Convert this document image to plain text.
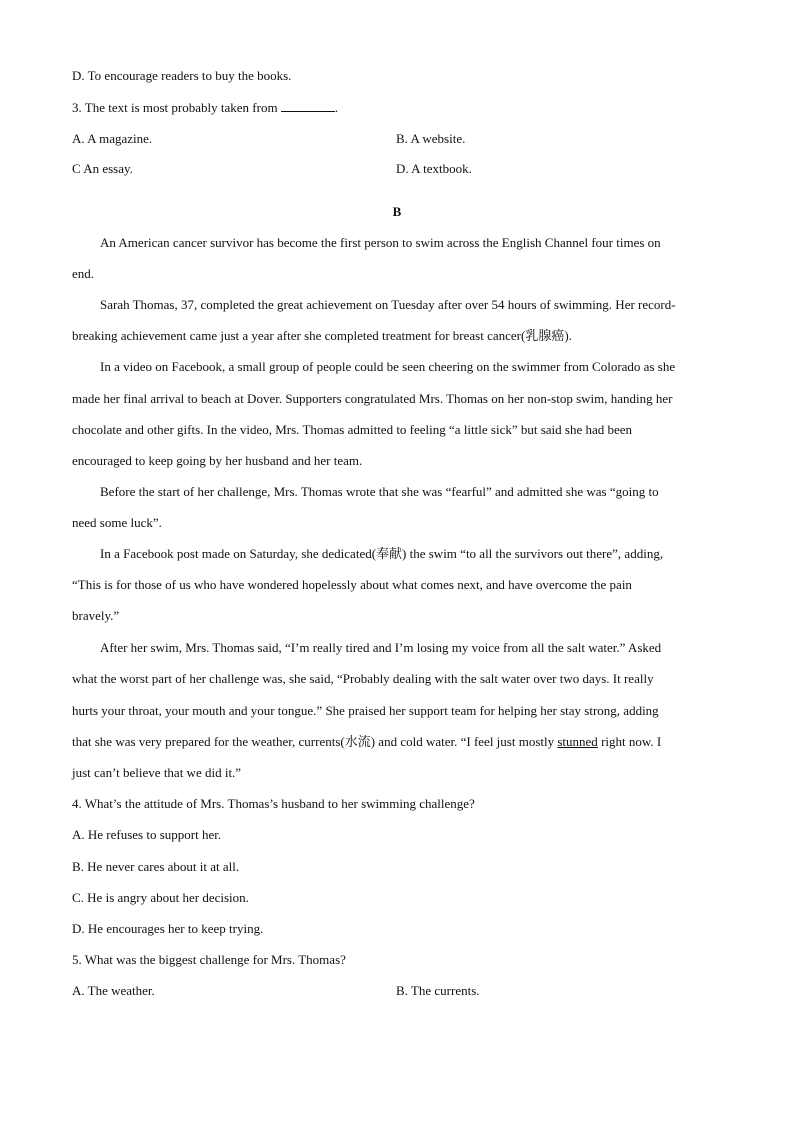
D. To encourage readers to buy the books.
3. The text is most probably taken from	.
A. A magazine.	B. A website.
C An essay.	D. A textbook.
B
An American cancer survivor has become the first person to swim across the English Channel four times on
end.
Sarah Thomas, 37, completed the great achievement on Tuesday after over 54 hours of swimming. Her record-
breaking achievement came just a year after she completed treatment for breast cancer(乳腺癌).
In a video on Facebook, a small group of people could be seen cheering on the swimmer from Colorado as she
made her final arrival to beach at Dover. Supporters congratulated Mrs. Thomas on her non-stop swim, handing her
chocolate and other gifts. In the video, Mrs. Thomas admitted to feeling “a little sick” but said she had been
encouraged to keep going by her husband and her team.
Before the start of her challenge, Mrs. Thomas wrote that she was “fearful” and admitted she was “going to
need some luck”.
In a Facebook post made on Saturday, she dedicated(奉献) the swim “to all the survivors out there”, adding,
“This is for those of us who have wondered hopelessly about what comes next, and have overcome the pain
bravely.”
After her swim, Mrs. Thomas said, “I’m really tired and I’m losing my voice from all the salt water.” Asked
what the worst part of her challenge was, she said, “Probably dealing with the salt water over two days. It really
hurts your throat, your mouth and your tongue.” She praised her support team for helping her stay strong, adding
that she was very prepared for the weather, currents(水流) and cold water. “I feel just mostly stunned right now. I
just can’t believe that we did it.”
4. What’s the attitude of Mrs. Thomas’s husband to her swimming challenge?
A. He refuses to support her.
B. He never cares about it at all.
C. He is angry about her decision.
D. He encourages her to keep trying.
5. What was the biggest challenge for Mrs. Thomas?
A. The weather.	B. The currents.
